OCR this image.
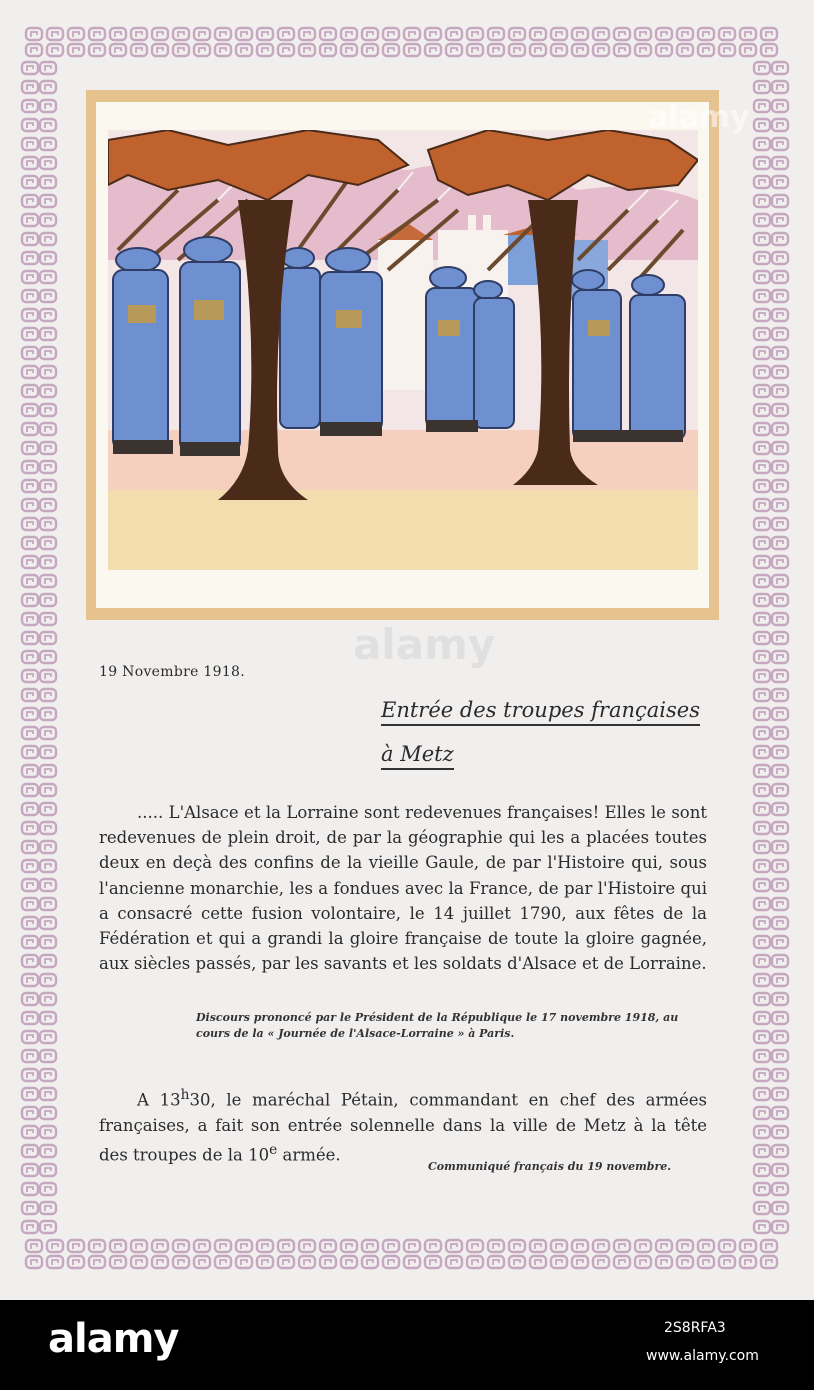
alamy
alamy
19 Novembre 1918.
Entrée des troupes françaises
à Metz

..... L'Alsace et la Lorraine sont redevenues françaises! Elles le sont redevenues de plein droit, de par la géographie qui les a placées toutes deux en deçà des confins de la vieille Gaule, de par l'Histoire qui, sous l'ancienne monarchie, les a fondues avec la France, de par l'Histoire qui a consacré cette fusion volontaire, le 14 juillet 1790, aux fêtes de la Fédération et qui a grandi la gloire française de toute la gloire gagnée, aux siècles passés, par les savants et les soldats d'Alsace et de Lorraine.

Discours prononcé par le Président de la République le 17 novembre 1918, au cours de la « Journée de l'Alsace-Lorraine » à Paris.

A 13$^h$30, le maréchal Pétain, commandant en chef des armées françaises, a fait son entrée solennelle dans la ville de Metz à la tête des troupes de la 10e armée.

Communiqué français du 19 novembre.
alamy	2S8RFA3
www.alamy.com
